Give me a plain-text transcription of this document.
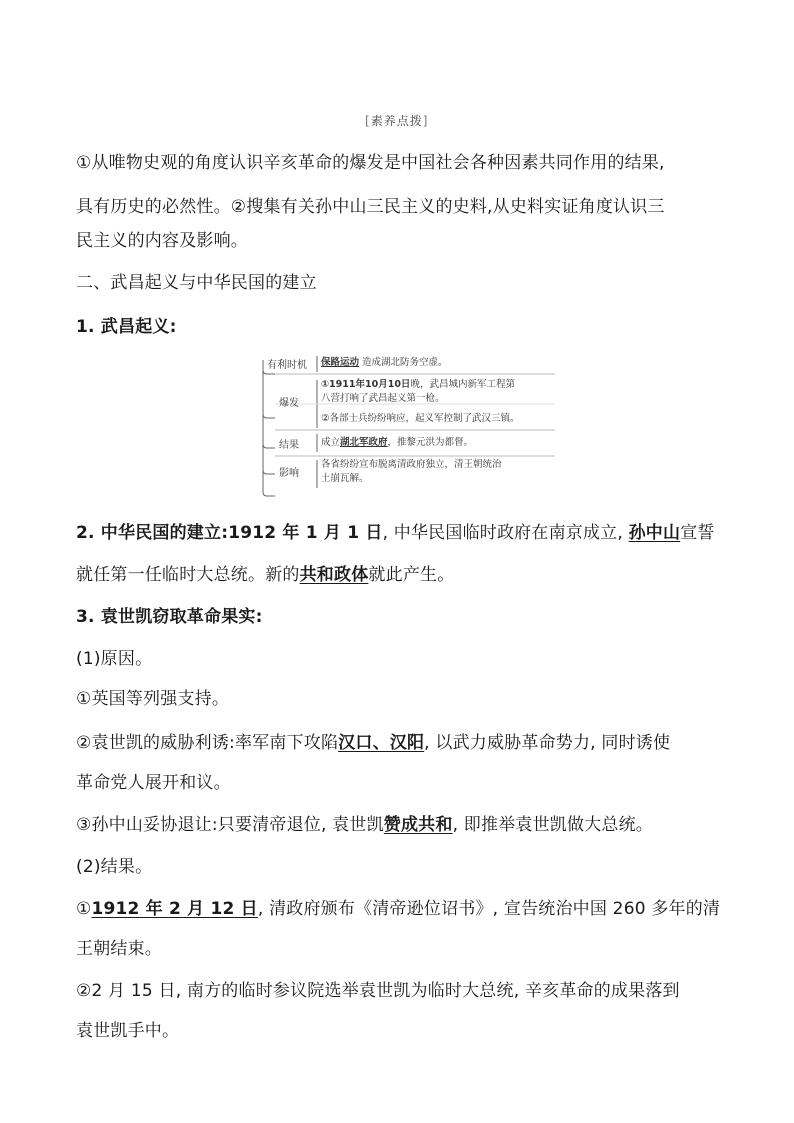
[素养点拨]
①从唯物史观的角度认识辛亥革命的爆发是中国社会各种因素共同作用的结果,
具有历史的必然性。②搜集有关孙中山三民主义的史料,从史料实证角度认识三
民主义的内容及影响。
二、武昌起义与中华民国的建立
1. 武昌起义:
有利时机 保路运动 造成湖北防务空虚。
爆发
①1911年10月10日晚，武昌城内新军工程第
八营打响了武昌起义第一枪。
②各部士兵纷纷响应，起义军控制了武汉三镇。
结果 成立湖北军政府，推黎元洪为都督。
影响
各省纷纷宣布脱离清政府独立，清王朝统治
土崩瓦解。
2. 中华民国的建立:1912 年 1 月 1 日, 中华民国临时政府在南京成立, 孙中山宣誓
就任第一任临时大总统。新的共和政体就此产生。
3. 袁世凯窃取革命果实:
(1)原因。
①英国等列强支持。
②袁世凯的威胁利诱:率军南下攻陷汉口、汉阳, 以武力威胁革命势力, 同时诱使
革命党人展开和议。
③孙中山妥协退让:只要清帝退位, 袁世凯赞成共和, 即推举袁世凯做大总统。
(2)结果。
①1912 年 2 月 12 日, 清政府颁布《清帝逊位诏书》, 宣告统治中国 260 多年的清
王朝结束。
②2 月 15 日, 南方的临时参议院选举袁世凯为临时大总统, 辛亥革命的成果落到
袁世凯手中。
